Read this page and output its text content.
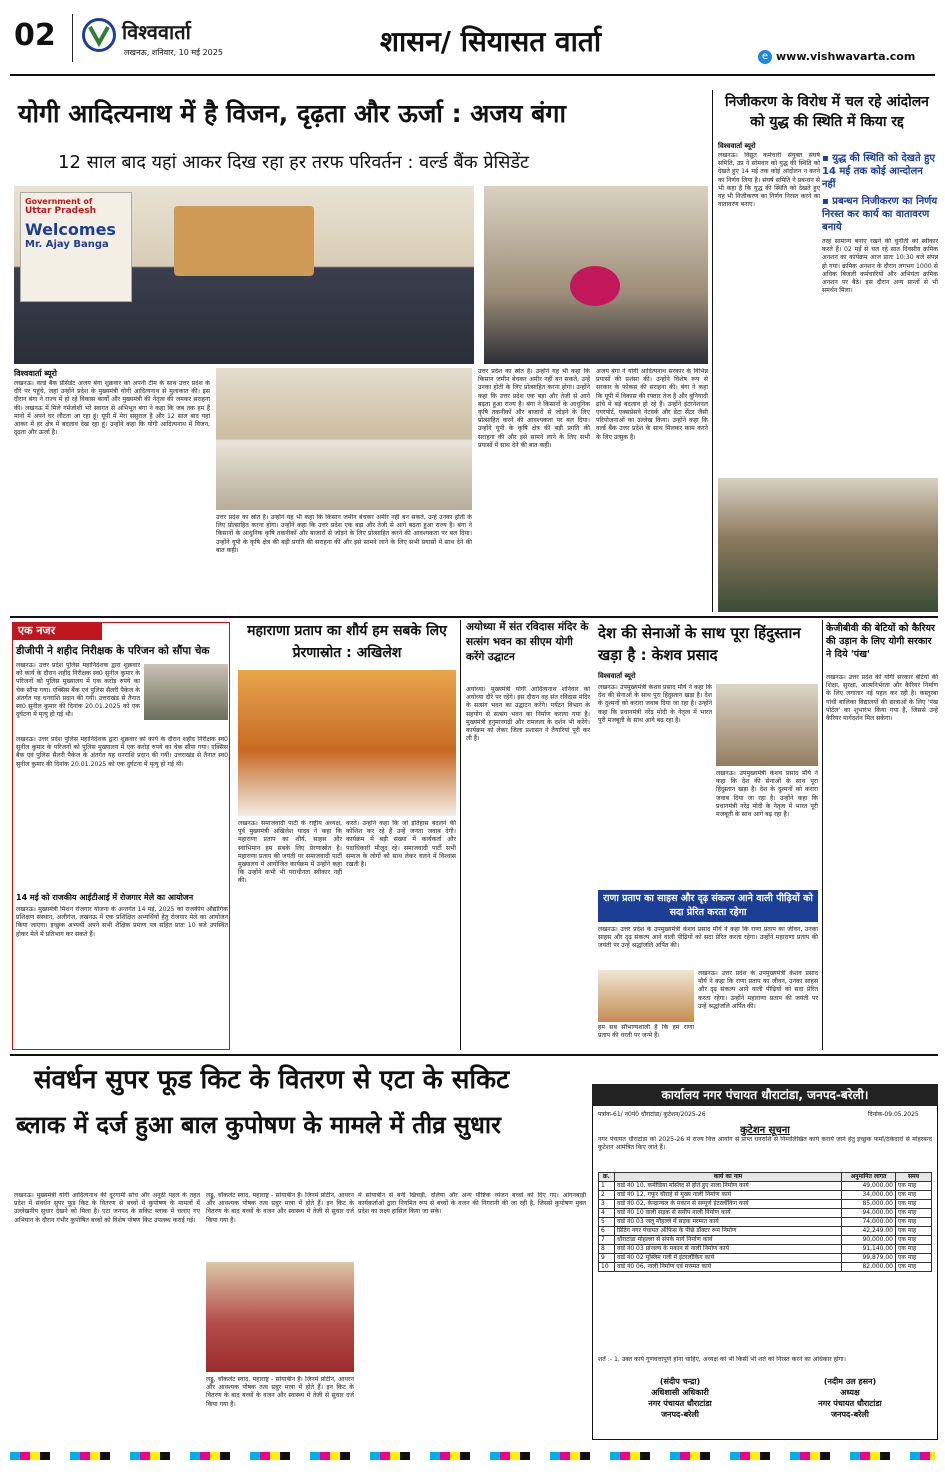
02	विश्ववार्ता
लखनऊ, शनिवार, 10 मई 2025	शासन/ सियासत वार्ता	e www.vishwavarta.com
योगी आदित्यनाथ में है विजन, दृढ़ता और ऊर्जा : अजय बंगा
12 साल बाद यहां आकर दिख रहा हर तरफ परिवर्तन : वर्ल्ड बैंक प्रेसिडेंट
Government of
Uttar Pradesh
Welcomes
Mr. Ajay Banga
विश्ववार्ता ब्यूरो
लखनऊ। वर्ल्ड बैंक प्रेसिडेंट अजय बंगा शुक्रवार को अपनी टीम के साथ उत्तर प्रदेश के दौरे पर पहुंचे, जहां उन्होंने प्रदेश के मुख्यमंत्री योगी आदित्यनाथ से मुलाकात की। इस दौरान बंगा ने राज्य में हो रहे विकास कार्यों और मुख्यमंत्री की नेतृत्व की जमकर सराहना की। लखनऊ में मिले गर्मजोशी भरे स्वागत से अभिभूत बंगा ने कहा कि जब तक हम हैं मानो में अपने घर लौटता आ रहा हूं। यूपी में मेरा ससुराल है और 12 साल बाद यहां आकर में हर क्षेत्र में बदलाव देख रहा हूं। उन्होंने कहा कि योगी आदित्यनाथ में विजन, दृढ़ता और ऊर्जा है।
उत्तर प्रदेश का स्रोत है। उन्होंने यह भी कहा कि किसान जमीन बेचकर अमीर नहीं बन सकते, उन्हें उनका होती के लिए प्रोत्साहित करना होगा। उन्होंने कहा कि उत्तर प्रदेश एक बड़ा और तेजी से आगे बढ़ता हुआ राज्य है। बंगा ने किसानों के आधुनिक कृषि तकनीकों और बाजारों से जोड़ने के लिए प्रोत्साहित करने की आवश्यकता पर बल दिया। उन्होंने यूपी के कृषि क्षेत्र की बड़ी प्रगति की सराहना की और इसे सामने लाने के लिए सभी प्रयासों में साथ देने की बात कही।
अजय बंगा ने योगी आदित्यनाथ सरकार के विभिन्न प्रयासों की प्रशंसा की। उन्होंने विशेष रूप से सरकार के फोकस की सराहना की। बंगा ने कहा कि यूपी में विकास की रफ्तार तेज है और बुनियादी ढांचे में बड़े बदलाव हो रहे हैं। उन्होंने इंटरनेशनल एयरपोर्ट, एक्सप्रेसवे नेटवर्क और डेटा सेंटर जैसी परियोजनाओं का उल्लेख किया। उन्होंने कहा कि वर्ल्ड बैंक उत्तर प्रदेश के साथ मिलकर काम करने के लिए उत्सुक है।
उत्तर प्रदेश का स्रोत है। उन्होंने यह भी कहा कि किसान जमीन बेचकर अमीर नहीं बन सकते, उन्हें उनका होती के लिए प्रोत्साहित करना होगा। उन्होंने कहा कि उत्तर प्रदेश एक बड़ा और तेजी से आगे बढ़ता हुआ राज्य है। बंगा ने किसानों के आधुनिक कृषि तकनीकों और बाजारों से जोड़ने के लिए प्रोत्साहित करने की आवश्यकता पर बल दिया। उन्होंने यूपी के कृषि क्षेत्र की बड़ी प्रगति की सराहना की और इसे सामने लाने के लिए सभी प्रयासों में साथ देने की बात कही।
निजीकरण के विरोध में चल रहे आंदोलन को युद्ध की स्थिति में किया रद्द
विश्ववार्ता ब्यूरो
लखनऊ। विद्युत कर्मचारी संयुक्त संघर्ष समिति, उप्र ने सोमवार को युद्ध की स्थिति को देखते हुए 14 मई तक कोई आंदोलन न करने का निर्णय लिया है। संघर्ष समिति ने प्रबन्धन से भी कहा है कि युद्ध की स्थिति को देखते हुए वह भी निजीकरण का निर्णय निरस्त करने का वातावरण बनाए।
▪ युद्ध की स्थिति को देखते हुए 14 मई तक कोई आन्दोलन नहीं
▪ प्रबन्धन निजीकरण का निर्णय निरस्त कर कार्य का वातावरण बनाये
तरह सामान्य बनाए रखने की चुनौती को स्वीकार करते हैं। 02 मई से चल रहे सात दिवसीय क्रमिक अनशन का कार्यक्रम आज प्रातः 10:30 बजे संपन्न हो गया। क्रमिक अनशन के दौरान लगभग 1000 से अधिक बिजली कर्मचारियों और अभियंता क्रमिक अनशन पर बैठे। इस दौरान अन्य प्रान्तों से भी समर्थन मिला।
एक नजर
डीजीपी ने शहीद निरीक्षक के परिजन को सौंपा चेक
लखनऊ। उत्तर प्रदेश पुलिस महानिदेशक द्वारा शुक्रवार को कार्य के दौरान शहीद निरीक्षक स्व0 सुनील कुमार के परिजनों को पुलिस मुख्यालय में एक करोड़ रुपये का चेक सौंपा गया। एक्सिस बैंक एवं पुलिस सैलरी पैकेज के अंतर्गत यह धनराशि प्रदान की गयी। उत्तराखंड से तैनात स्व0 सुनील कुमार की दिनांक 20.01.2025 को एक दुर्घटना में मृत्यु हो गई थी।
लखनऊ। उत्तर प्रदेश पुलिस महानिदेशक द्वारा शुक्रवार को कार्य के दौरान शहीद निरीक्षक स्व0 सुनील कुमार के परिजनों को पुलिस मुख्यालय में एक करोड़ रुपये का चेक सौंपा गया। एक्सिस बैंक एवं पुलिस सैलरी पैकेज के अंतर्गत यह धनराशि प्रदान की गयी। उत्तराखंड से तैनात स्व0 सुनील कुमार की दिनांक 20.01.2025 को एक दुर्घटना में मृत्यु हो गई थी।
14 मई को राजकीय आईटीआई में रोजगार मेले का आयोजन
लखनऊ। मुख्यमंत्री मिशन रोजगार योजना के अन्तर्गत 14 मई, 2025 को राजकीय औद्योगिक प्रशिक्षण संस्थान, अलीगंज, लखनऊ में एक प्रशिक्षित अभ्यर्थियों हेतु रोजगार मेले का आयोजन किया जाएगा। इच्छुक अभ्यर्थी अपने सभी शैक्षिक प्रमाण पत्र सहित प्रातः 10 बजे उपस्थित होकर मेले में प्रतिभाग कर सकते हैं।
महाराणा प्रताप का शौर्य हम सबके लिए प्रेरणास्रोत : अखिलेश
लखनऊ। समाजवादी पार्टी के राष्ट्रीय अध्यक्ष, पूर्व मुख्यमंत्री अखिलेश यादव ने कहा कि महाराणा प्रताप का शौर्य, साहस और स्वाभिमान हम सबके लिए प्रेरणास्रोत है। महाराणा प्रताप की जयंती पर समाजवादी पार्टी मुख्यालय में आयोजित कार्यक्रम में उन्होंने कहा कि उन्होंने कभी भी पराधीनता स्वीकार नहीं की।
करते। उन्होंने कहा कि जो इतिहास बदलने की कोशिश कर रहे हैं उन्हें जनता जवाब देगी। कार्यक्रम में बड़ी संख्या में कार्यकर्ता और पदाधिकारी मौजूद रहे। समाजवादी पार्टी सभी समाज के लोगों को साथ लेकर चलने में विश्वास रखती है।
अयोध्या में संत रविदास मंदिर के सत्संग भवन का सीएम योगी करेंगे उद्घाटन
अयोध्या। मुख्यमंत्री योगी आदित्यनाथ शनिवार को अयोध्या दौरे पर रहेंगे। इस दौरान वह संत रविदास मंदिर के सत्संग भवन का उद्घाटन करेंगे। पर्यटन विभाग के सहयोग से सत्संग भवन का निर्माण कराया गया है। मुख्यमंत्री हनुमानगढ़ी और रामलला के दर्शन भी करेंगे। कार्यक्रम को लेकर जिला प्रशासन ने तैयारियां पूरी कर ली हैं।
देश की सेनाओं के साथ पूरा हिंदुस्तान खड़ा है : केशव प्रसाद
विश्ववार्ता ब्यूरो
लखनऊ। उपमुख्यमंत्री केशव प्रसाद मौर्य ने कहा कि देश की सेनाओं के साथ पूरा हिंदुस्तान खड़ा है। देश के दुश्मनों को करारा जवाब दिया जा रहा है। उन्होंने कहा कि प्रधानमंत्री नरेंद्र मोदी के नेतृत्व में भारत पूरी मजबूती के साथ आगे बढ़ रहा है।
लखनऊ। उपमुख्यमंत्री केशव प्रसाद मौर्य ने कहा कि देश की सेनाओं के साथ पूरा हिंदुस्तान खड़ा है। देश के दुश्मनों को करारा जवाब दिया जा रहा है। उन्होंने कहा कि प्रधानमंत्री नरेंद्र मोदी के नेतृत्व में भारत पूरी मजबूती के साथ आगे बढ़ रहा है।
केजीबीवी की बेटियों को कैरियर की उड़ान के लिए योगी सरकार ने दिये 'पंख'
लखनऊ। उत्तर प्रदेश की योगी सरकार बेटियों की शिक्षा, सुरक्षा, आत्मनिर्भरता और कैरियर निर्माण के लिए लगातार नई पहल कर रही है। कस्तूरबा गांधी बालिका विद्यालयों की छात्राओं के लिए 'पंख पोर्टल' का शुभारंभ किया गया है, जिससे उन्हें कैरियर मार्गदर्शन मिल सकेगा।
राणा प्रताप का साहस और दृढ़ संकल्प आने वाली पीढ़ियों को सदा प्रेरित करता रहेगा
लखनऊ। उत्तर प्रदेश के उपमुख्यमंत्री केशव प्रसाद मौर्य ने कहा कि राणा प्रताप का जीवन, उनका साहस और दृढ़ संकल्प आने वाली पीढ़ियों को सदा प्रेरित करता रहेगा। उन्होंने महाराणा प्रताप की जयंती पर उन्हें श्रद्धांजलि अर्पित की।
हम सब सौभाग्यशाली हैं कि हम राणा प्रताप की धरती पर जन्मे हैं।
लखनऊ। उत्तर प्रदेश के उपमुख्यमंत्री केशव प्रसाद मौर्य ने कहा कि राणा प्रताप का जीवन, उनका साहस और दृढ़ संकल्प आने वाली पीढ़ियों को सदा प्रेरित करता रहेगा। उन्होंने महाराणा प्रताप की जयंती पर उन्हें श्रद्धांजलि अर्पित की।
संवर्धन सुपर फूड किट के वितरण से एटा के सकिट
ब्लाक में दर्ज हुआ बाल कुपोषण के मामले में तीव्र सुधार
लखनऊ। मुख्यमंत्री योगी आदित्यनाथ की दूरगामी सोच और अनूठी पहल के तहत प्रदेश में संवर्धन सुपर फूड किट के वितरण से बच्चों में कुपोषण के मामलों में उल्लेखनीय सुधार देखने को मिला है। एटा जनपद के सकिट ब्लाक में चलाए गए अभियान के दौरान गंभीर कुपोषित बच्चों को विशेष पोषण किट उपलब्ध कराई गई।
लड्डू, चॉकलेट स्वाद, महाराष्ट्र - सोयाबीन हैं। जिनमें प्रोटीन, आयरन और आवश्यक पोषक तत्व प्रचुर मात्रा में होते हैं। इन किट के वितरण के बाद बच्चों के वजन और स्वास्थ्य में तेजी से सुधार दर्ज किया गया है।
लड्डू, चॉकलेट स्वाद, महाराष्ट्र - सोयाबीन हैं। जिनमें प्रोटीन, आयरन और आवश्यक पोषक तत्व प्रचुर मात्रा में होते हैं। इन किट के वितरण के बाद बच्चों के वजन और स्वास्थ्य में तेजी से सुधार दर्ज किया गया है।
में सोयाबीन से बनी खिचड़ी, दलिया और अन्य पौष्टिक व्यंजन बच्चों को दिए गए। आंगनबाड़ी कार्यकर्ताओं द्वारा नियमित रूप से बच्चों के वजन की निगरानी की जा रही है, जिससे कुपोषण मुक्त प्रदेश का लक्ष्य हासिल किया जा सके।
कार्यालय नगर पंचायत धौराटांडा, जनपद-बरेली।
पत्रांक-61/ न0पं0 धौराटांडा/ कुटेशन/2025-26	दिनांक-09.05.2025
कुटेशन सूचना
नगर पंचायत धौराटांडा को 2025-26 में राज्य वित्त आयोग से प्राप्त धनराशि से निम्नलिखित कार्य कराये जाने हेतु इच्छुक फर्मों/ठेकेदारों से मोहरबन्द कुटेशन आमंत्रित किए जाते हैं।
क्र.	कार्य का नाम	अनुमानित लागत	समय
1	वार्ड नं0 10, कमीडिया मस्जिद से होते हुए नाला निर्माण कार्य	49,000.00	एक माह
2	वार्ड नं0 12, गफूर चौराहे से मुख्य नाली निर्माण कार्य	34,000.00	एक माह
3	वार्ड नं0 02, केन्द्रान्चल के मकान से सम्पूर्ण इंटरलॉकिंग कार्य	85,000.00	एक माह
4	वार्ड नं0 10 वाली सड़क से समीप नाली निर्माण कार्य	94,000.00	एक माह
5	वार्ड नं0 03 जलू मौहल्ले में सड़क मरम्मत कार्य	74,000.00	एक माह
6	प्रिंटिंग नगर पंचायत ऑफिस के पीछे डॉक्टर रूम निर्माण	42,249.00	एक माह
7	धौराटांडा मोहल्ला से संपर्क मार्ग निर्माण कार्य	90,000.00	एक माह
8	वार्ड नं0 03 प्रांजल्य के मकान से नाली निर्माण कार्य	91,140.00	एक माह
9	वार्ड नं0 02 मुस्लिम गली में इंटरलॉकिंग कार्य	99,879.00	एक माह
10	वार्ड नं0 06, नाली निर्माण एवं मरम्मत कार्य	82,000.00	एक माह
शर्तें :- 1. उक्त कार्य गुणवत्तापूर्ण होना चाहिए, अध्यक्ष को भी किसी भी शर्त को निरस्त करने का अधिकार होगा।
(संदीप चन्द्रा)
अधिशासी अधिकारी
नगर पंचायत धौराटांडा
जनपद-बरेली
(नदीम उल हसन)
अध्यक्ष
नगर पंचायत धौराटांडा
जनपद-बरेली
